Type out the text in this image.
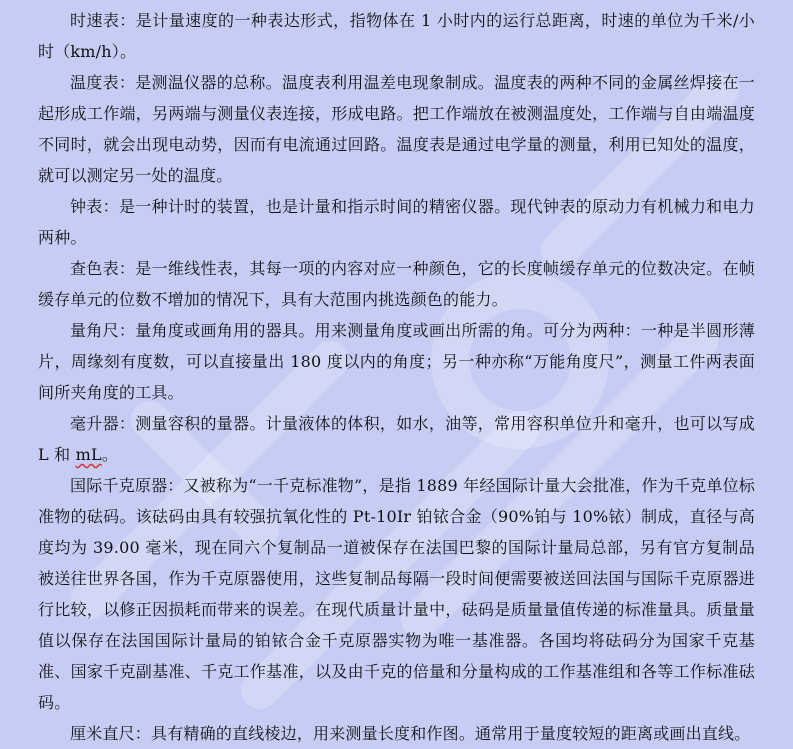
时速表：是计量速度的一种表达形式，指物体在 1 小时内的运行总距离，时速的单位为千米/小时（km/h）。

温度表：是测温仪器的总称。温度表利用温差电现象制成。温度表的两种不同的金属丝焊接在一起形成工作端，另两端与测量仪表连接，形成电路。把工作端放在被测温度处，工作端与自由端温度不同时，就会出现电动势，因而有电流通过回路。温度表是通过电学量的测量，利用已知处的温度，就可以测定另一处的温度。

钟表：是一种计时的装置，也是计量和指示时间的精密仪器。现代钟表的原动力有机械力和电力两种。

查色表：是一维线性表，其每一项的内容对应一种颜色，它的长度帧缓存单元的位数决定。在帧缓存单元的位数不增加的情况下，具有大范围内挑选颜色的能力。

量角尺：量角度或画角用的器具。用来测量角度或画出所需的角。可分为两种：一种是半圆形薄片，周缘刻有度数，可以直接量出 180 度以内的角度；另一种亦称“万能角度尺”，测量工件两表面间所夹角度的工具。

毫升器：测量容积的量器。计量液体的体积，如水，油等，常用容积单位升和毫升，也可以写成 L 和 mL。

国际千克原器：又被称为“一千克标准物”，是指 1889 年经国际计量大会批准，作为千克单位标准物的砝码。该砝码由具有较强抗氧化性的 Pt-10Ir 铂铱合金（90%铂与 10%铱）制成，直径与高度均为 39.00 毫米，现在同六个复制品一道被保存在法国巴黎的国际计量局总部，另有官方复制品被送往世界各国，作为千克原器使用，这些复制品每隔一段时间便需要被送回法国与国际千克原器进行比较，以修正因损耗而带来的误差。在现代质量计量中，砝码是质量量值传递的标准量具。质量量值以保存在法国国际计量局的铂铱合金千克原器实物为唯一基准器。各国均将砝码分为国家千克基准、国家千克副基准、千克工作基准，以及由千克的倍量和分量构成的工作基准组和各等工作标准砝码。

厘米直尺：具有精确的直线棱边，用来测量长度和作图。通常用于量度较短的距离或画出直线。
